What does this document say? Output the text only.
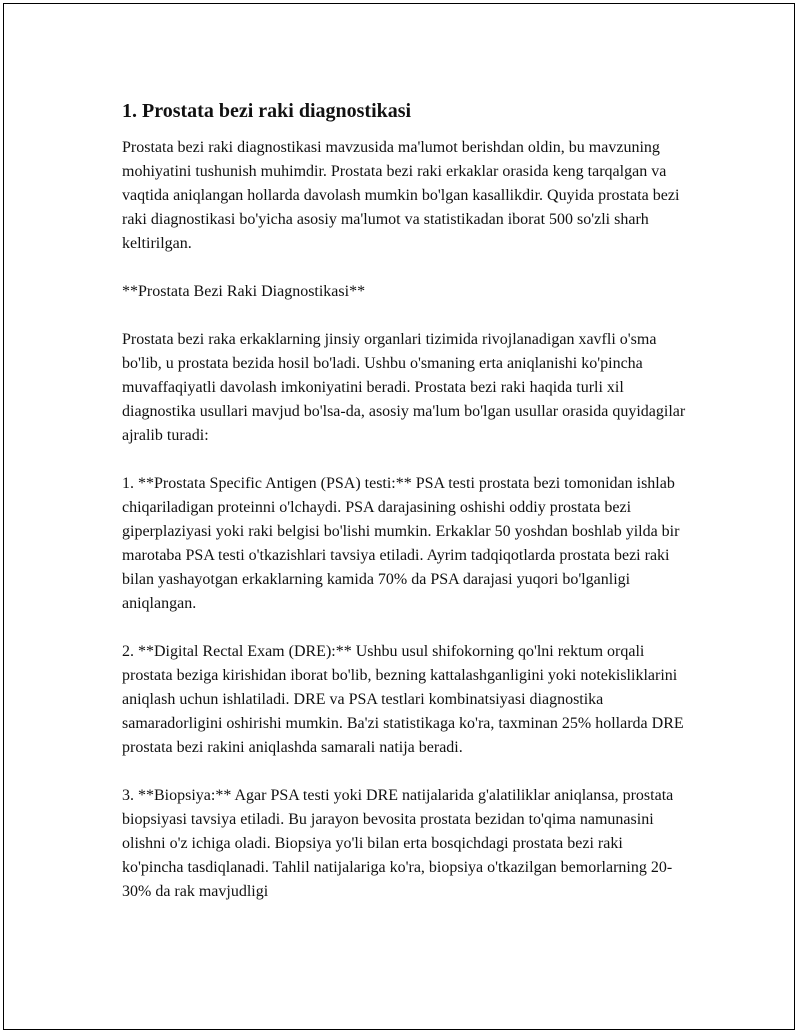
1. Prostata bezi raki diagnostikasi

Prostata bezi raki diagnostikasi mavzusida ma'lumot berishdan oldin, bu mavzuning mohiyatini tushunish muhimdir. Prostata bezi raki erkaklar orasida keng tarqalgan va vaqtida aniqlangan hollarda davolash mumkin bo'lgan kasallikdir. Quyida prostata bezi raki diagnostikasi bo'yicha asosiy ma'lumot va statistikadan iborat 500 so'zli sharh keltirilgan.

**Prostata Bezi Raki Diagnostikasi**

Prostata bezi raka erkaklarning jinsiy organlari tizimida rivojlanadigan xavfli o'sma bo'lib, u prostata bezida hosil bo'ladi. Ushbu o'smaning erta aniqlanishi ko'pincha muvaffaqiyatli davolash imkoniyatini beradi. Prostata bezi raki haqida turli xil diagnostika usullari mavjud bo'lsa-da, asosiy ma'lum bo'lgan usullar orasida quyidagilar ajralib turadi:

1. **Prostata Specific Antigen (PSA) testi:** PSA testi prostata bezi tomonidan ishlab chiqariladigan proteinni o'lchaydi. PSA darajasining oshishi oddiy prostata bezi giperplaziyasi yoki raki belgisi bo'lishi mumkin. Erkaklar 50 yoshdan boshlab yilda bir marotaba PSA testi o'tkazishlari tavsiya etiladi. Ayrim tadqiqotlarda prostata bezi raki bilan yashayotgan erkaklarning kamida 70% da PSA darajasi yuqori bo'lganligi aniqlangan.

2. **Digital Rectal Exam (DRE):** Ushbu usul shifokorning qo'lni rektum orqali prostata beziga kirishidan iborat bo'lib, bezning kattalashganligini yoki notekisliklarini aniqlash uchun ishlatiladi. DRE va PSA testlari kombinatsiyasi diagnostika samaradorligini oshirishi mumkin. Ba'zi statistikaga ko'ra, taxminan 25% hollarda DRE prostata bezi rakini aniqlashda samarali natija beradi.

3. **Biopsiya:** Agar PSA testi yoki DRE natijalarida g'alatiliklar aniqlansa, prostata biopsiyasi tavsiya etiladi. Bu jarayon bevosita prostata bezidan to'qima namunasini olishni o'z ichiga oladi. Biopsiya yo'li bilan erta bosqichdagi prostata bezi raki ko'pincha tasdiqlanadi. Tahlil natijalariga ko'ra, biopsiya o'tkazilgan bemorlarning 20-30% da rak mavjudligi
